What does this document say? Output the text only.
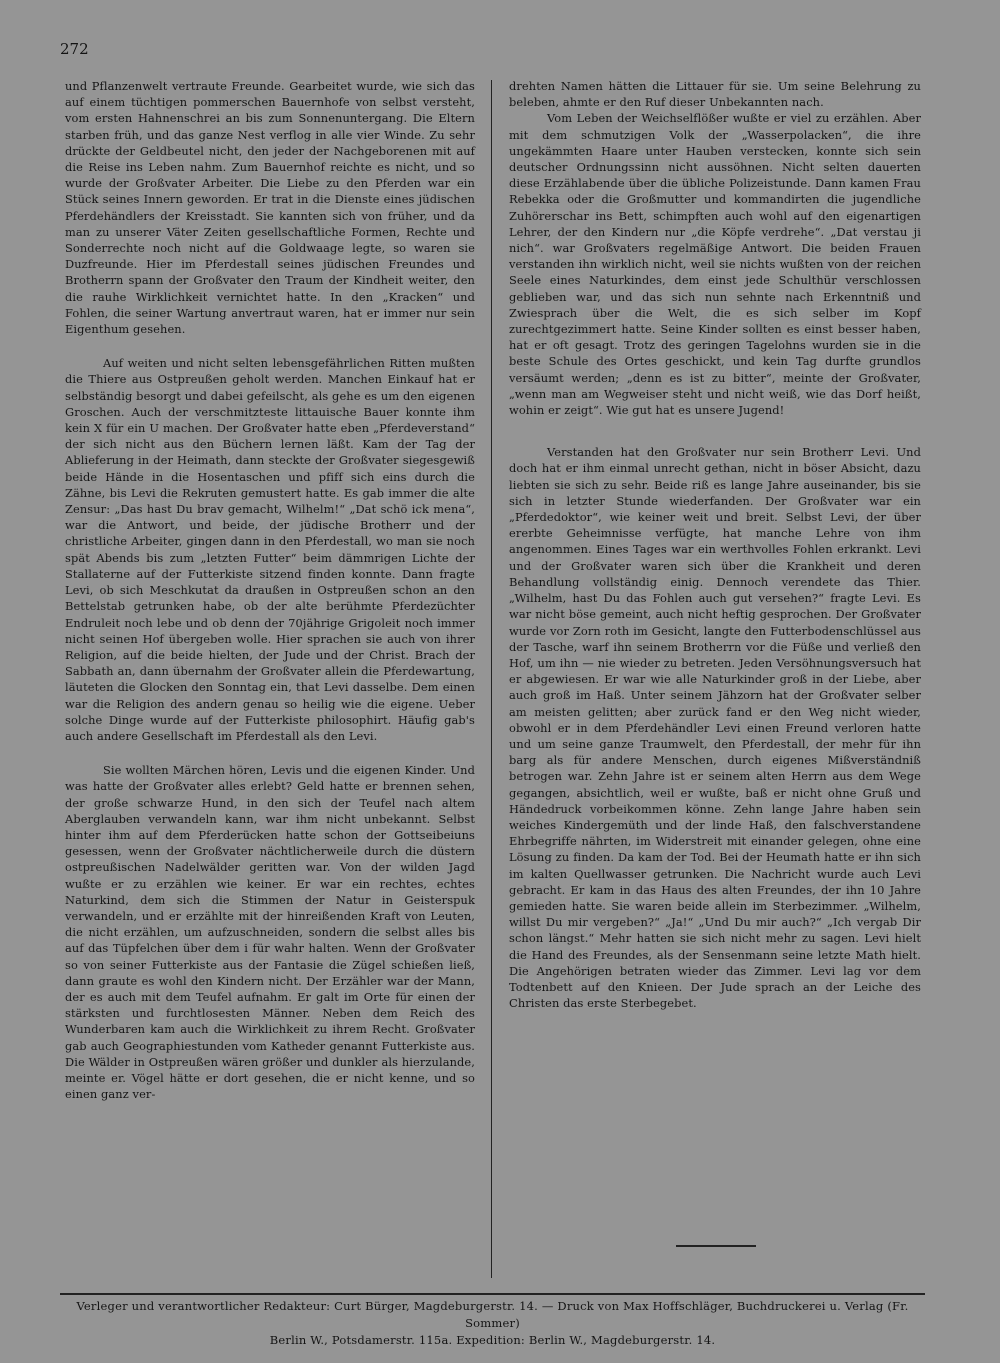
272

und Pflanzenwelt vertraute Freunde. Gearbeitet wurde, wie sich das auf einem tüchtigen pommerschen Bauernhofe von selbst versteht, vom ersten Hahnenschrei an bis zum Sonnenuntergang. Die Eltern starben früh, und das ganze Nest verflog in alle vier Winde. Zu sehr drückte der Geldbeutel nicht, den jeder der Nachgeborenen mit auf die Reise ins Leben nahm. Zum Bauernhof reichte es nicht, und so wurde der Großvater Arbeiter. Die Liebe zu den Pferden war ein Stück seines Innern geworden. Er trat in die Dienste eines jüdischen Pferdehändlers der Kreisstadt. Sie kannten sich von früher, und da man zu unserer Väter Zeiten gesellschaftliche Formen, Rechte und Sonderrechte noch nicht auf die Goldwaage legte, so waren sie Duzfreunde. Hier im Pferdestall seines jüdischen Freundes und Brotherrn spann der Großvater den Traum der Kindheit weiter, den die rauhe Wirklichkeit vernichtet hatte. In den „Kracken“ und Fohlen, die seiner Wartung anvertraut waren, hat er immer nur sein Eigenthum gesehen.

Auf weiten und nicht selten lebensgefährlichen Ritten mußten die Thiere aus Ostpreußen geholt werden. Manchen Einkauf hat er selbständig besorgt und dabei gefeilscht, als gehe es um den eigenen Groschen. Auch der verschmitzteste littauische Bauer konnte ihm kein X für ein U machen. Der Großvater hatte eben „Pferdeverstand“ der sich nicht aus den Büchern lernen läßt. Kam der Tag der Ablieferung in der Heimath, dann steckte der Großvater siegesgewiß beide Hände in die Hosentaschen und pfiff sich eins durch die Zähne, bis Levi die Rekruten gemustert hatte. Es gab immer die alte Zensur: „Das hast Du brav gemacht, Wilhelm!“ „Dat schö ick mena“, war die Antwort, und beide, der jüdische Brotherr und der christliche Arbeiter, gingen dann in den Pferdestall, wo man sie noch spät Abends bis zum „letzten Futter“ beim dämmrigen Lichte der Stallaterne auf der Futterkiste sitzend finden konnte. Dann fragte Levi, ob sich Meschkutat da draußen in Ostpreußen schon an den Bettelstab getrunken habe, ob der alte berühmte Pferdezüchter Endruleit noch lebe und ob denn der 70jährige Grigoleit noch immer nicht seinen Hof übergeben wolle. Hier sprachen sie auch von ihrer Religion, auf die beide hielten, der Jude und der Christ. Brach der Sabbath an, dann übernahm der Großvater allein die Pferdewartung, läuteten die Glocken den Sonntag ein, that Levi dasselbe. Dem einen war die Religion des andern genau so heilig wie die eigene. Ueber solche Dinge wurde auf der Futterkiste philosophirt. Häufig gab's auch andere Gesellschaft im Pferdestall als den Levi.

Sie wollten Märchen hören, Levis und die eigenen Kinder. Und was hatte der Großvater alles erlebt? Geld hatte er brennen sehen, der große schwarze Hund, in den sich der Teufel nach altem Aberglauben verwandeln kann, war ihm nicht unbekannt. Selbst hinter ihm auf dem Pferderücken hatte schon der Gottseibeiuns gesessen, wenn der Großvater nächtlicherweile durch die düstern ostpreußischen Nadelwälder geritten war. Von der wilden Jagd wußte er zu erzählen wie keiner. Er war ein rechtes, echtes Naturkind, dem sich die Stimmen der Natur in Geisterspuk verwandeln, und er erzählte mit der hinreißenden Kraft von Leuten, die nicht erzählen, um aufzuschneiden, sondern die selbst alles bis auf das Tüpfelchen über dem i für wahr halten. Wenn der Großvater so von seiner Futterkiste aus der Fantasie die Zügel schießen ließ, dann graute es wohl den Kindern nicht. Der Erzähler war der Mann, der es auch mit dem Teufel aufnahm. Er galt im Orte für einen der stärksten und furchtlosesten Männer. Neben dem Reich des Wunderbaren kam auch die Wirklichkeit zu ihrem Recht. Großvater gab auch Geographiestunden vom Katheder genannt Futterkiste aus. Die Wälder in Ostpreußen wären größer und dunkler als hierzulande, meinte er. Vögel hätte er dort gesehen, die er nicht kenne, und so einen ganz ver-

drehten Namen hätten die Littauer für sie. Um seine Belehrung zu beleben, ahmte er den Ruf dieser Unbekannten nach.

Vom Leben der Weichselflößer wußte er viel zu erzählen. Aber mit dem schmutzigen Volk der „Wasserpolacken“, die ihre ungekämmten Haare unter Hauben verstecken, konnte sich sein deutscher Ordnungssinn nicht aussöhnen. Nicht selten dauerten diese Erzählabende über die übliche Polizeistunde. Dann kamen Frau Rebekka oder die Großmutter und kommandirten die jugendliche Zuhörerschar ins Bett, schimpften auch wohl auf den eigenartigen Lehrer, der den Kindern nur „die Köpfe verdrehe“. „Dat verstau ji nich“. war Großvaters regelmäßige Antwort. Die beiden Frauen verstanden ihn wirklich nicht, weil sie nichts wußten von der reichen Seele eines Naturkindes, dem einst jede Schulthür verschlossen geblieben war, und das sich nun sehnte nach Erkenntniß und Zwiesprach über die Welt, die es sich selber im Kopf zurechtgezimmert hatte. Seine Kinder sollten es einst besser haben, hat er oft gesagt. Trotz des geringen Tagelohns wurden sie in die beste Schule des Ortes geschickt, und kein Tag durfte grundlos versäumt werden; „denn es ist zu bitter“, meinte der Großvater, „wenn man am Wegweiser steht und nicht weiß, wie das Dorf heißt, wohin er zeigt“. Wie gut hat es unsere Jugend!

Verstanden hat den Großvater nur sein Brotherr Levi. Und doch hat er ihm einmal unrecht gethan, nicht in böser Absicht, dazu liebten sie sich zu sehr. Beide riß es lange Jahre auseinander, bis sie sich in letzter Stunde wiederfanden. Der Großvater war ein „Pferdedoktor“, wie keiner weit und breit. Selbst Levi, der über ererbte Geheimnisse verfügte, hat manche Lehre von ihm angenommen. Eines Tages war ein werthvolles Fohlen erkrankt. Levi und der Großvater waren sich über die Krankheit und deren Behandlung vollständig einig. Dennoch verendete das Thier. „Wilhelm, hast Du das Fohlen auch gut versehen?“ fragte Levi. Es war nicht böse gemeint, auch nicht heftig gesprochen. Der Großvater wurde vor Zorn roth im Gesicht, langte den Futterbodenschlüssel aus der Tasche, warf ihn seinem Brotherrn vor die Füße und verließ den Hof, um ihn — nie wieder zu betreten. Jeden Versöhnungsversuch hat er abgewiesen. Er war wie alle Naturkinder groß in der Liebe, aber auch groß im Haß. Unter seinem Jähzorn hat der Großvater selber am meisten gelitten; aber zurück fand er den Weg nicht wieder, obwohl er in dem Pferdehändler Levi einen Freund verloren hatte und um seine ganze Traumwelt, den Pferdestall, der mehr für ihn barg als für andere Menschen, durch eigenes Mißverständniß betrogen war. Zehn Jahre ist er seinem alten Herrn aus dem Wege gegangen, absichtlich, weil er wußte, baß er nicht ohne Gruß und Händedruck vorbeikommen könne. Zehn lange Jahre haben sein weiches Kindergemüth und der linde Haß, den falschverstandene Ehrbegriffe nährten, im Widerstreit mit einander gelegen, ohne eine Lösung zu finden. Da kam der Tod. Bei der Heumath hatte er ihn sich im kalten Quellwasser getrunken. Die Nachricht wurde auch Levi gebracht. Er kam in das Haus des alten Freundes, der ihn 10 Jahre gemieden hatte. Sie waren beide allein im Sterbezimmer. „Wilhelm, willst Du mir vergeben?“ „Ja!“ „Und Du mir auch?“ „Ich vergab Dir schon längst.“ Mehr hatten sie sich nicht mehr zu sagen. Levi hielt die Hand des Freundes, als der Sensenmann seine letzte Math hielt. Die Angehörigen betraten wieder das Zimmer. Levi lag vor dem Todtenbett auf den Knieen. Der Jude sprach an der Leiche des Christen das erste Sterbegebet.

Verleger und verantwortlicher Redakteur: Curt Bürger, Magdeburgerstr. 14. — Druck von Max Hoffschläger, Buchdruckerei u. Verlag (Fr. Sommer)
Berlin W., Potsdamerstr. 115a. Expedition: Berlin W., Magdeburgerstr. 14.
